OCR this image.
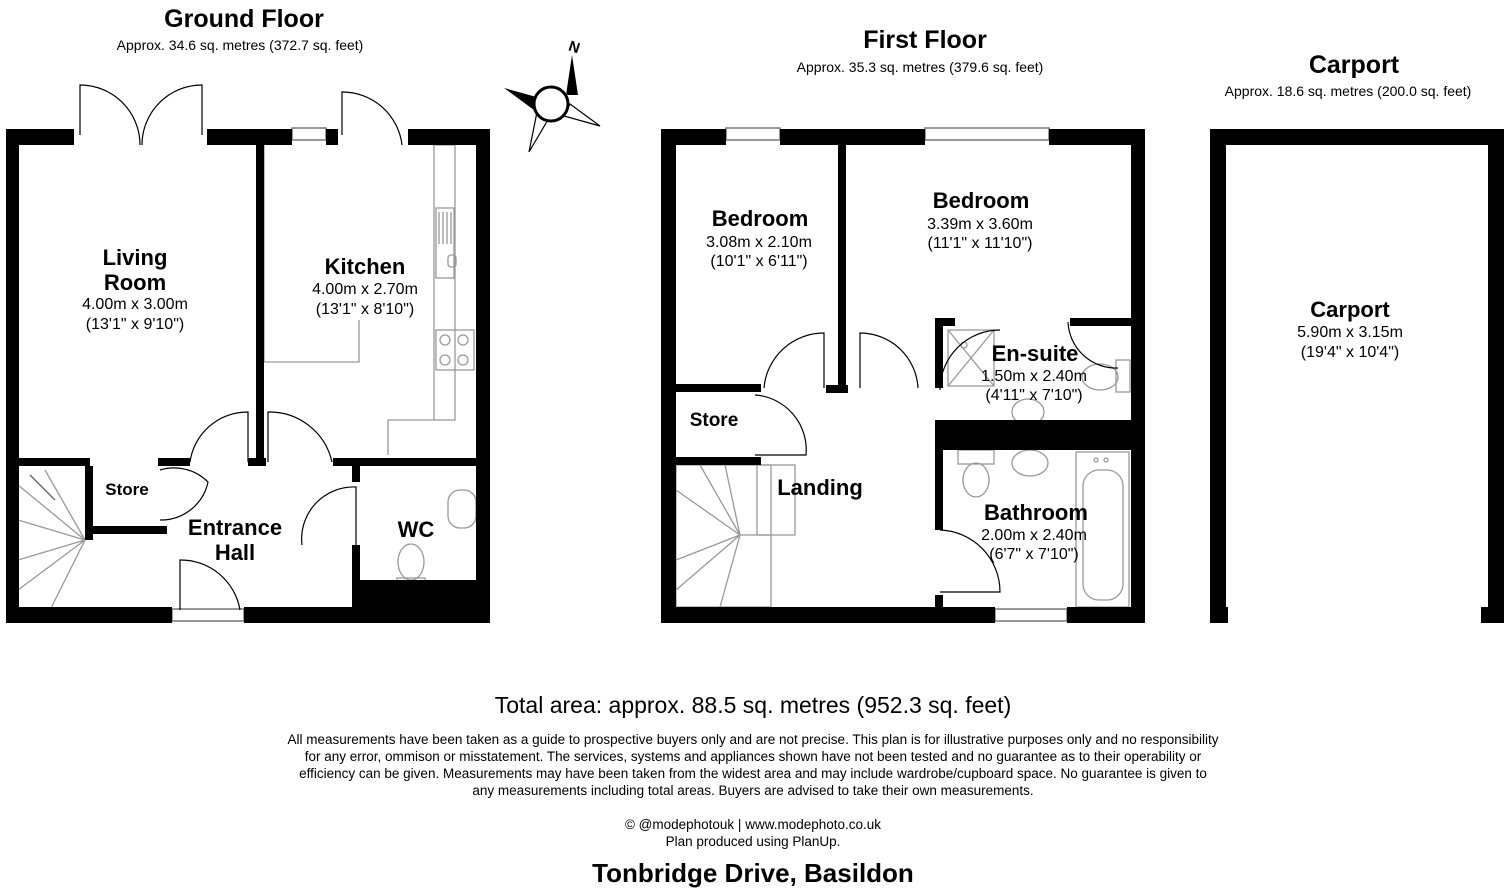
Ground Floor
Approx. 34.6 sq. metres (372.7 sq. feet)
Living
Room
4.00m x 3.00m
(13'1" x 9'10")
Kitchen
4.00m x 2.70m
(13'1" x 8'10")
Store
Entrance
Hall
WC
N	First Floor
Approx. 35.3 sq. metres (379.6 sq. feet)
Bedroom
3.08m x 2.10m
(10'1" x 6'11")
Bedroom
3.39m x 3.60m
(11'1" x 11'10")
En-suite
1.50m x 2.40m
(4'11" x 7'10")
Store
Landing
Bathroom
2.00m x 2.40m
(6'7" x 7'10")
Carport
Approx. 18.6 sq. metres (200.0 sq. feet)
Carport
5.90m x 3.15m
(19'4" x 10'4")
Total area: approx. 88.5 sq. metres (952.3 sq. feet)
All measurements have been taken as a guide to prospective buyers only and are not precise. This plan is for illustrative purposes only and no responsibility
for any error, ommison or misstatement. The services, systems and appliances shown have not been tested and no guarantee as to their operability or
efficiency can be given. Measurements may have been taken from the widest area and may include wardrobe/cupboard space. No guarantee is given to
any measurements including total areas. Buyers are advised to take their own measurements.
© @modephotouk | www.modephoto.co.uk
Plan produced using PlanUp.
Tonbridge Drive, Basildon
